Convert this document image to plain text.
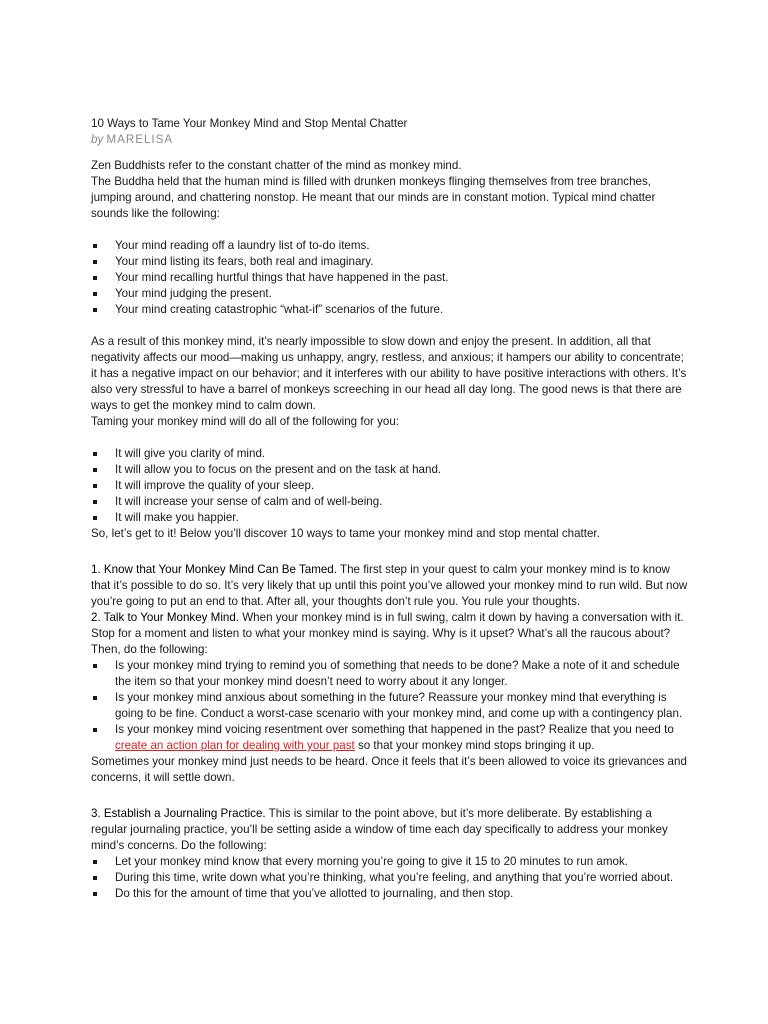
10 Ways to Tame Your Monkey Mind and Stop Mental Chatter

by MARELISA

Zen Buddhists refer to the constant chatter of the mind as monkey mind.

The Buddha held that the human mind is filled with drunken monkeys flinging themselves from tree branches, jumping around, and chattering nonstop. He meant that our minds are in constant motion. Typical mind chatter sounds like the following:

Your mind reading off a laundry list of to-do items.
Your mind listing its fears, both real and imaginary.
Your mind recalling hurtful things that have happened in the past.
Your mind judging the present.
Your mind creating catastrophic “what-if” scenarios of the future.

As a result of this monkey mind, it’s nearly impossible to slow down and enjoy the present. In addition, all that negativity affects our mood—making us unhappy, angry, restless, and anxious; it hampers our ability to concentrate; it has a negative impact on our behavior; and it interferes with our ability to have positive interactions with others. It’s also very stressful to have a barrel of monkeys screeching in our head all day long. The good news is that there are ways to get the monkey mind to calm down.

Taming your monkey mind will do all of the following for you:

It will give you clarity of mind.
It will allow you to focus on the present and on the task at hand.
It will improve the quality of your sleep.
It will increase your sense of calm and of well-being.
It will make you happier.

So, let’s get to it! Below you’ll discover 10 ways to tame your monkey mind and stop mental chatter.

1. Know that Your Monkey Mind Can Be Tamed. The first step in your quest to calm your monkey mind is to know that it’s possible to do so. It’s very likely that up until this point you’ve allowed your monkey mind to run wild. But now you’re going to put an end to that. After all, your thoughts don’t rule you. You rule your thoughts.

2. Talk to Your Monkey Mind. When your monkey mind is in full swing, calm it down by having a conversation with it. Stop for a moment and listen to what your monkey mind is saying. Why is it upset? What’s all the raucous about? Then, do the following:

Is your monkey mind trying to remind you of something that needs to be done? Make a note of it and schedule the item so that your monkey mind doesn’t need to worry about it any longer.
Is your monkey mind anxious about something in the future? Reassure your monkey mind that everything is going to be fine. Conduct a worst-case scenario with your monkey mind, and come up with a contingency plan.
Is your monkey mind voicing resentment over something that happened in the past? Realize that you need to create an action plan for dealing with your past so that your monkey mind stops bringing it up.

Sometimes your monkey mind just needs to be heard. Once it feels that it’s been allowed to voice its grievances and concerns, it will settle down.

3. Establish a Journaling Practice. This is similar to the point above, but it’s more deliberate. By establishing a regular journaling practice, you’ll be setting aside a window of time each day specifically to address your monkey mind’s concerns. Do the following:

Let your monkey mind know that every morning you’re going to give it 15 to 20 minutes to run amok.
During this time, write down what you’re thinking, what you’re feeling, and anything that you’re worried about.
Do this for the amount of time that you’ve allotted to journaling, and then stop.
